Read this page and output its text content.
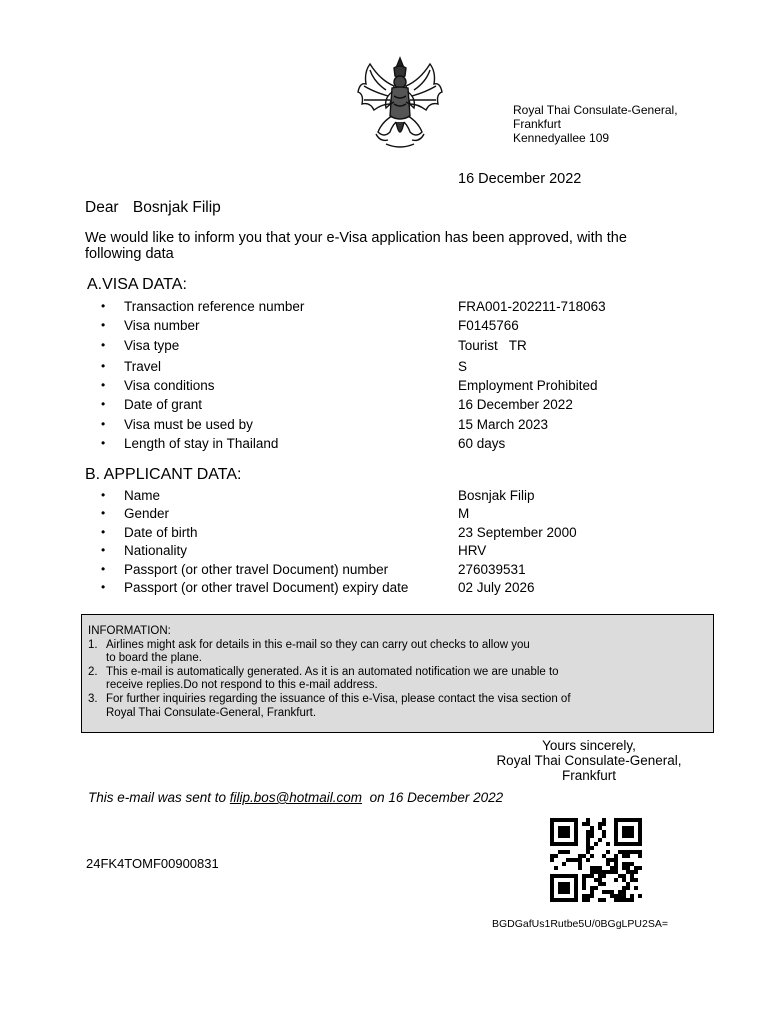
Royal Thai Consulate-General,
Frankfurt
Kennedyallee 109
16 December 2022
Dear Bosnjak Filip
We would like to inform you that your e-Visa application has been approved, with the
following data
A.VISA DATA:
• Transaction reference number	FRA001-202211-718063
• Visa number	F0145766
• Visa type	Tourist   TR
• Travel	S
• Visa conditions	Employment Prohibited
• Date of grant	16 December 2022
• Visa must be used by	15 March 2023
• Length of stay in Thailand	60 days
B. APPLICANT DATA:
• Name	Bosnjak Filip
• Gender	M
• Date of birth	23 September 2000
• Nationality	HRV
• Passport (or other travel Document) number	276039531
• Passport (or other travel Document) expiry date	02 July 2026
INFORMATION:
1. Airlines might ask for details in this e-mail so they can carry out checks to allow you
to board the plane.
2. This e-mail is automatically generated. As it is an automated notification we are unable to
receive replies.Do not respond to this e-mail address.
3. For further inquiries regarding the issuance of this e-Visa, please contact the visa section of
Royal Thai Consulate-General, Frankfurt.
Yours sincerely,
Royal Thai Consulate-General,
Frankfurt
This e-mail was sent to filip.bos@hotmail.com  on 16 December 2022
24FK4TOMF00900831
BGDGafUs1Rutbe5U/0BGgLPU2SA=
